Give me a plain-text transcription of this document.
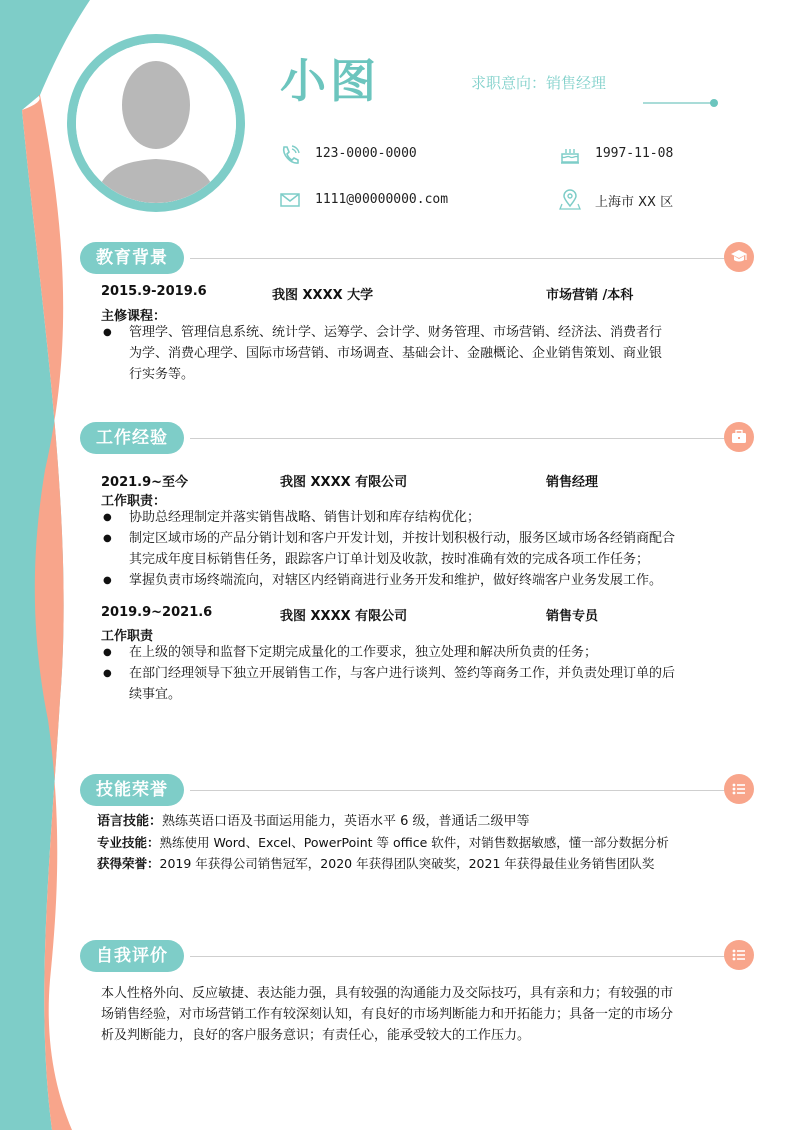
小图	求职意向：销售经理
123-0000-0000	1997-11-08
1111@00000000.com	上海市 XX 区
教育背景
2015.9-2019.6	我图 XXXX 大学	市场营销 /本科
主修课程：
● 管理学、管理信息系统、统计学、运筹学、会计学、财务管理、市场营销、经济法、消费者行
为学、消费心理学、国际市场营销、市场调查、基础会计、金融概论、企业销售策划、商业银
行实务等。
工作经验
2021.9~至今	我图 XXXX 有限公司	销售经理
工作职责：
● 协助总经理制定并落实销售战略、销售计划和库存结构优化；
● 制定区域市场的产品分销计划和客户开发计划，并按计划积极行动，服务区域市场各经销商配合
其完成年度目标销售任务，跟踪客户订单计划及收款，按时准确有效的完成各项工作任务；
● 掌握负责市场终端流向，对辖区内经销商进行业务开发和维护，做好终端客户业务发展工作。
2019.9~2021.6	我图 XXXX 有限公司	销售专员
工作职责
● 在上级的领导和监督下定期完成量化的工作要求，独立处理和解决所负责的任务；
● 在部门经理领导下独立开展销售工作，与客户进行谈判、签约等商务工作，并负责处理订单的后
续事宜。
技能荣誉
语言技能：熟练英语口语及书面运用能力，英语水平 6 级，普通话二级甲等
专业技能：熟练使用 Word、Excel、PowerPoint 等 office 软件，对销售数据敏感，懂一部分数据分析
获得荣誉：2019 年获得公司销售冠军，2020 年获得团队突破奖，2021 年获得最佳业务销售团队奖
自我评价
本人性格外向、反应敏捷、表达能力强，具有较强的沟通能力及交际技巧，具有亲和力；有较强的市
场销售经验，对市场营销工作有较深刻认知，有良好的市场判断能力和开拓能力；具备一定的市场分
析及判断能力，良好的客户服务意识；有责任心，能承受较大的工作压力。
